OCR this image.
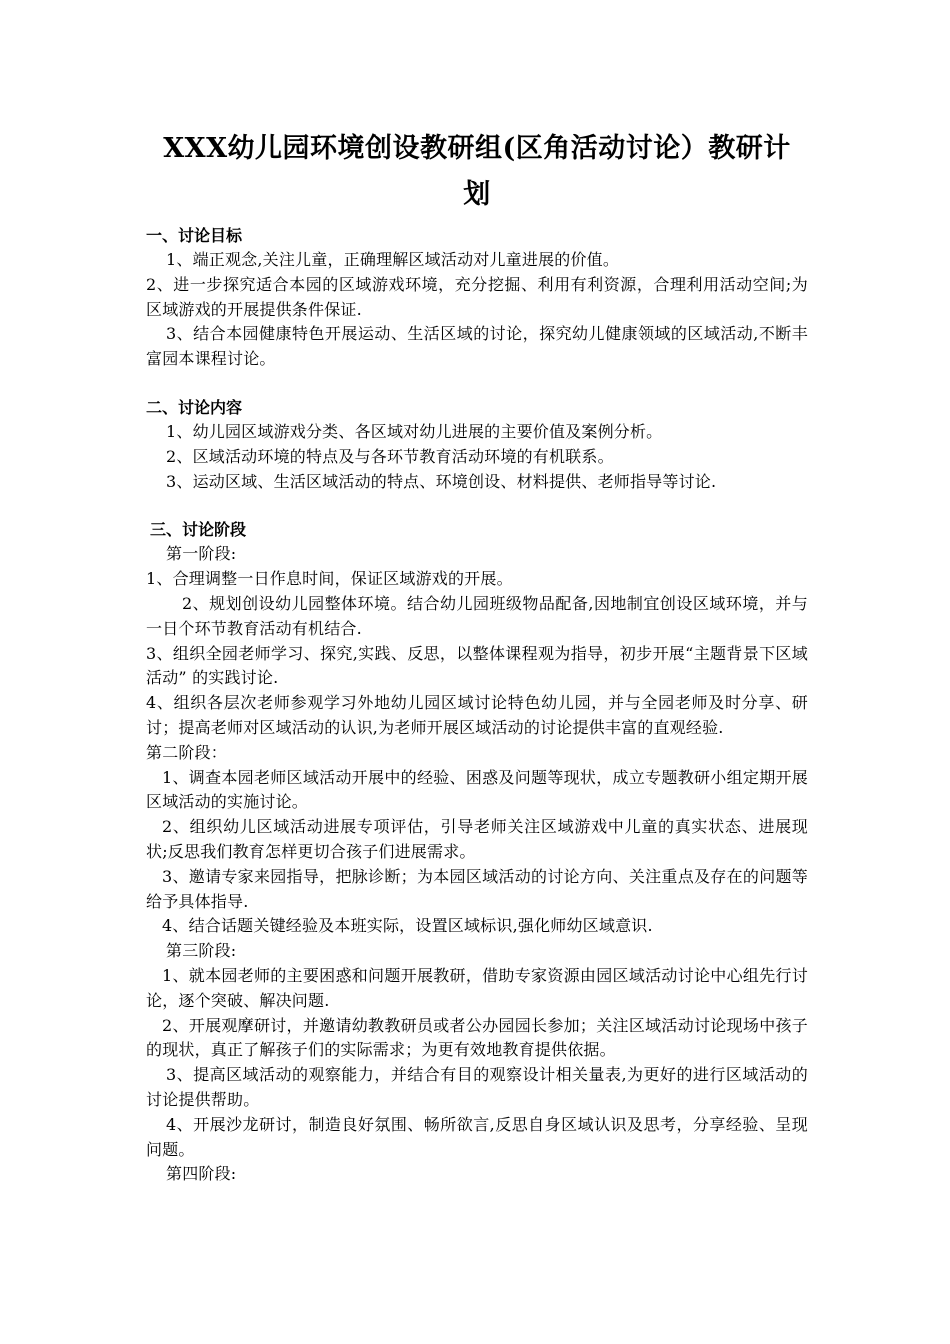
XXX幼儿园环境创设教研组(区角活动讨论）教研计
划

一、讨论目标

1、端正观念,关注儿童，正确理解区域活动对儿童进展的价值。

2、进一步探究适合本园的区域游戏环境，充分挖掘、利用有利资源，合理利用活动空间;为区域游戏的开展提供条件保证.

3、结合本园健康特色开展运动、生活区域的讨论，探究幼儿健康领域的区域活动,不断丰富园本课程讨论。

二、讨论内容

1、幼儿园区域游戏分类、各区域对幼儿进展的主要价值及案例分析。

2、区域活动环境的特点及与各环节教育活动环境的有机联系。

3、运动区域、生活区域活动的特点、环境创设、材料提供、老师指导等讨论.

三、讨论阶段

第一阶段:

1、合理调整一日作息时间，保证区域游戏的开展。

2、规划创设幼儿园整体环境。结合幼儿园班级物品配备,因地制宜创设区域环境，并与一日个环节教育活动有机结合.

3、组织全园老师学习、探究,实践、反思，以整体课程观为指导，初步开展“主题背景下区域活动” 的实践讨论.

4、组织各层次老师参观学习外地幼儿园区域讨论特色幼儿园，并与全园老师及时分享、研讨；提高老师对区域活动的认识,为老师开展区域活动的讨论提供丰富的直观经验.

第二阶段：

1、调查本园老师区域活动开展中的经验、困惑及问题等现状，成立专题教研小组定期开展区域活动的实施讨论。

2、组织幼儿区域活动进展专项评估，引导老师关注区域游戏中儿童的真实状态、进展现状;反思我们教育怎样更切合孩子们进展需求。

3、邀请专家来园指导，把脉诊断；为本园区域活动的讨论方向、关注重点及存在的问题等给予具体指导.

4、结合话题关键经验及本班实际，设置区域标识,强化师幼区域意识.

第三阶段:

1、就本园老师的主要困惑和问题开展教研，借助专家资源由园区域活动讨论中心组先行讨论，逐个突破、解决问题.

2、开展观摩研讨，并邀请幼教教研员或者公办园园长参加；关注区域活动讨论现场中孩子的现状，真正了解孩子们的实际需求；为更有效地教育提供依据。

3、提高区域活动的观察能力，并结合有目的观察设计相关量表,为更好的进行区域活动的讨论提供帮助。

4、开展沙龙研讨，制造良好氛围、畅所欲言,反思自身区域认识及思考，分享经验、呈现问题。

第四阶段:
